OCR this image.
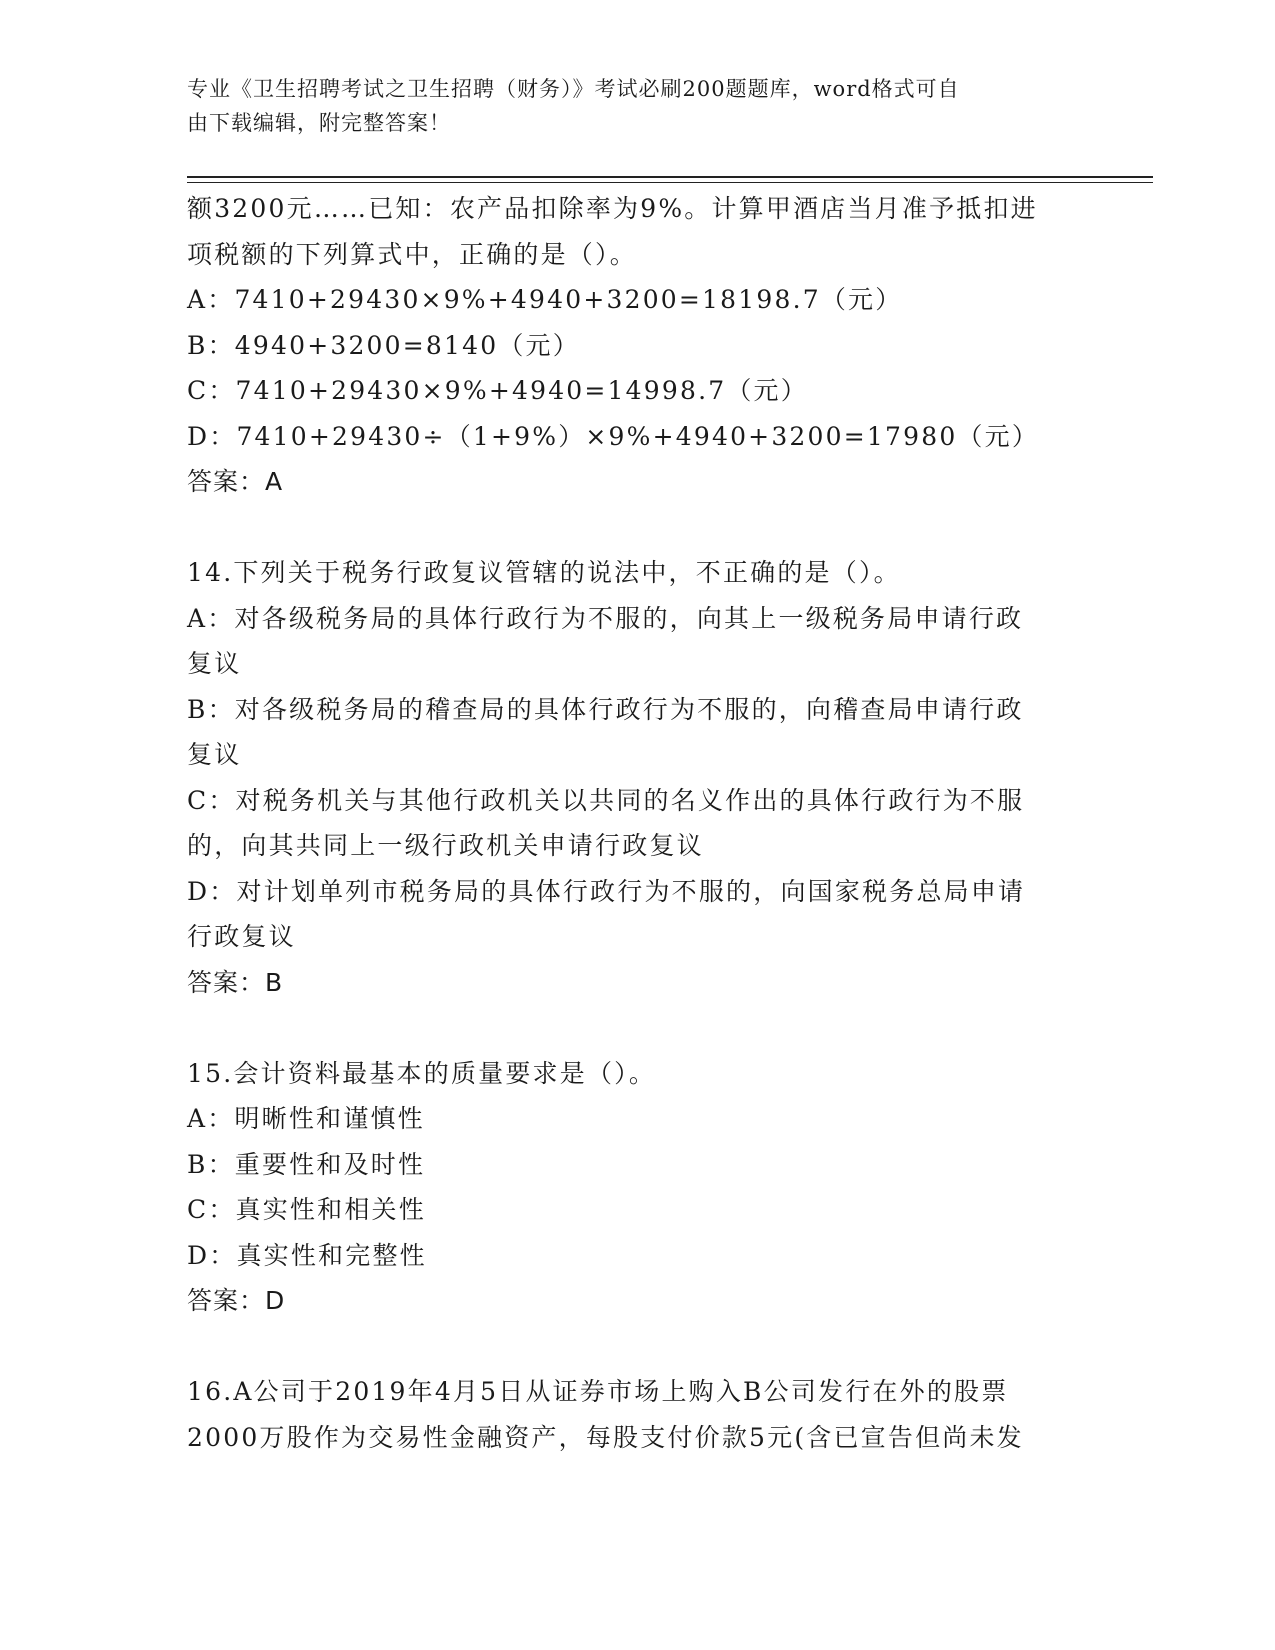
专业《卫生招聘考试之卫生招聘（财务）》考试必刷200题题库，word格式可自
由下载编辑，附完整答案！
额3200元……已知：农产品扣除率为9%。计算甲酒店当月准予抵扣进
项税额的下列算式中，正确的是（）。
A：7410+29430×9%+4940+3200=18198.7（元）
B：4940+3200=8140（元）
C：7410+29430×9%+4940=14998.7（元）
D：7410+29430÷（1+9%）×9%+4940+3200=17980（元）
答案：A
14.下列关于税务行政复议管辖的说法中，不正确的是（）。
A：对各级税务局的具体行政行为不服的，向其上一级税务局申请行政
复议
B：对各级税务局的稽查局的具体行政行为不服的，向稽查局申请行政
复议
C：对税务机关与其他行政机关以共同的名义作出的具体行政行为不服
的，向其共同上一级行政机关申请行政复议
D：对计划单列市税务局的具体行政行为不服的，向国家税务总局申请
行政复议
答案：B
15.会计资料最基本的质量要求是（）。
A：明晰性和谨慎性
B：重要性和及时性
C：真实性和相关性
D：真实性和完整性
答案：D
16.A公司于2019年4月5日从证券市场上购入B公司发行在外的股票
2000万股作为交易性金融资产，每股支付价款5元(含已宣告但尚未发
